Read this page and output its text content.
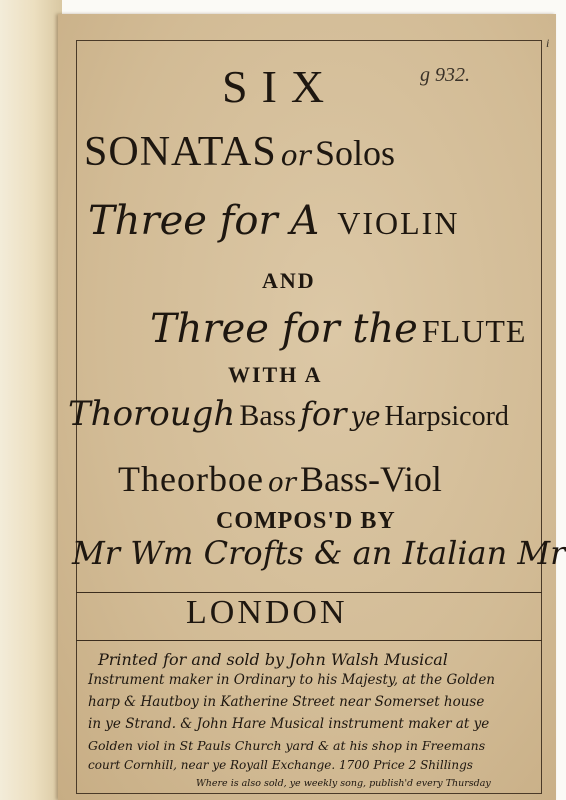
g 932.
i
SIX
SONATAS or Solos
Three for A VIOLIN
AND
Three for the FLUTE
WITH A
Thorough Bass for ye Harpsicord
Theorboe or Bass-Viol
COMPOS'D BY
Mr Wm Crofts & an Italian Mr
LONDON
Printed for and sold by John Walsh Musical
Instrument maker in Ordinary to his Majesty, at the Golden
harp & Hautboy in Katherine Street near Somerset house
in ye Strand. & John Hare Musical instrument maker at ye
Golden viol in St Pauls Church yard & at his shop in Freemans
court Cornhill, near ye Royall Exchange. 1700 Price 2 Shillings
Where is also sold, ye weekly song, publish'd every Thursday
